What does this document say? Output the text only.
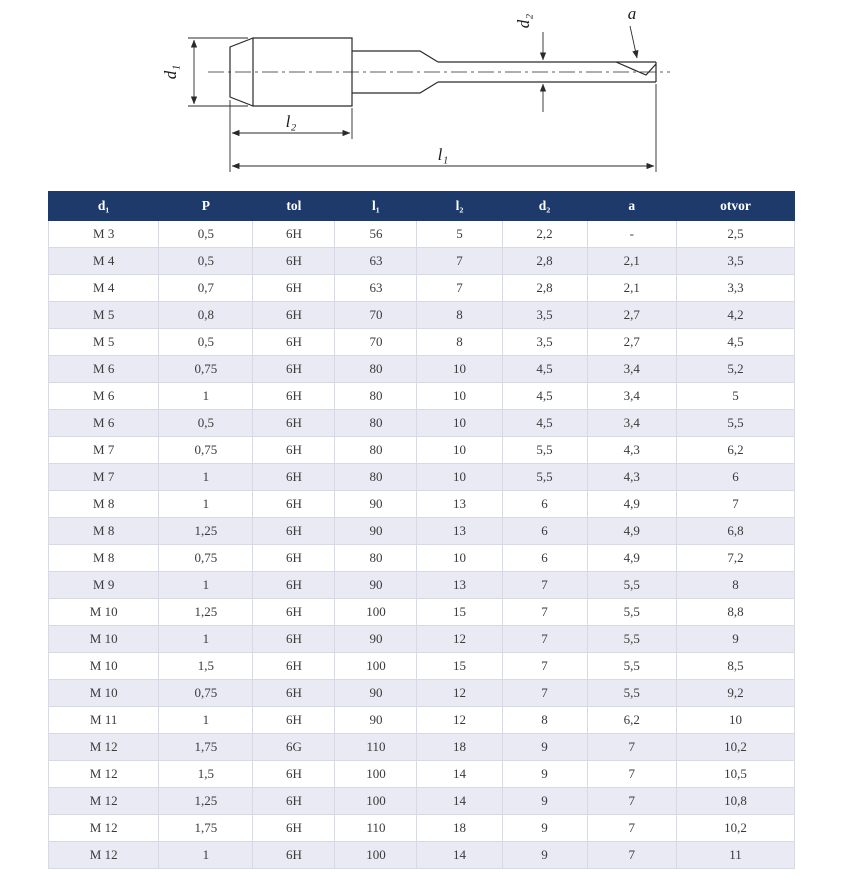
d₁
d₂	a
l₂
l₁
d₁	P	tol	l₁	l₂	d₂	a	otvor
M 3	0,5	6H	56	5	2,2	-	2,5
M 4	0,5	6H	63	7	2,8	2,1	3,5
M 4	0,7	6H	63	7	2,8	2,1	3,3
M 5	0,8	6H	70	8	3,5	2,7	4,2
M 5	0,5	6H	70	8	3,5	2,7	4,5
M 6	0,75	6H	80	10	4,5	3,4	5,2
M 6	1	6H	80	10	4,5	3,4	5
M 6	0,5	6H	80	10	4,5	3,4	5,5
M 7	0,75	6H	80	10	5,5	4,3	6,2
M 7	1	6H	80	10	5,5	4,3	6
M 8	1	6H	90	13	6	4,9	7
M 8	1,25	6H	90	13	6	4,9	6,8
M 8	0,75	6H	80	10	6	4,9	7,2
M 9	1	6H	90	13	7	5,5	8
M 10	1,25	6H	100	15	7	5,5	8,8
M 10	1	6H	90	12	7	5,5	9
M 10	1,5	6H	100	15	7	5,5	8,5
M 10	0,75	6H	90	12	7	5,5	9,2
M 11	1	6H	90	12	8	6,2	10
M 12	1,75	6G	110	18	9	7	10,2
M 12	1,5	6H	100	14	9	7	10,5
M 12	1,25	6H	100	14	9	7	10,8
M 12	1,75	6H	110	18	9	7	10,2
M 12	1	6H	100	14	9	7	11
